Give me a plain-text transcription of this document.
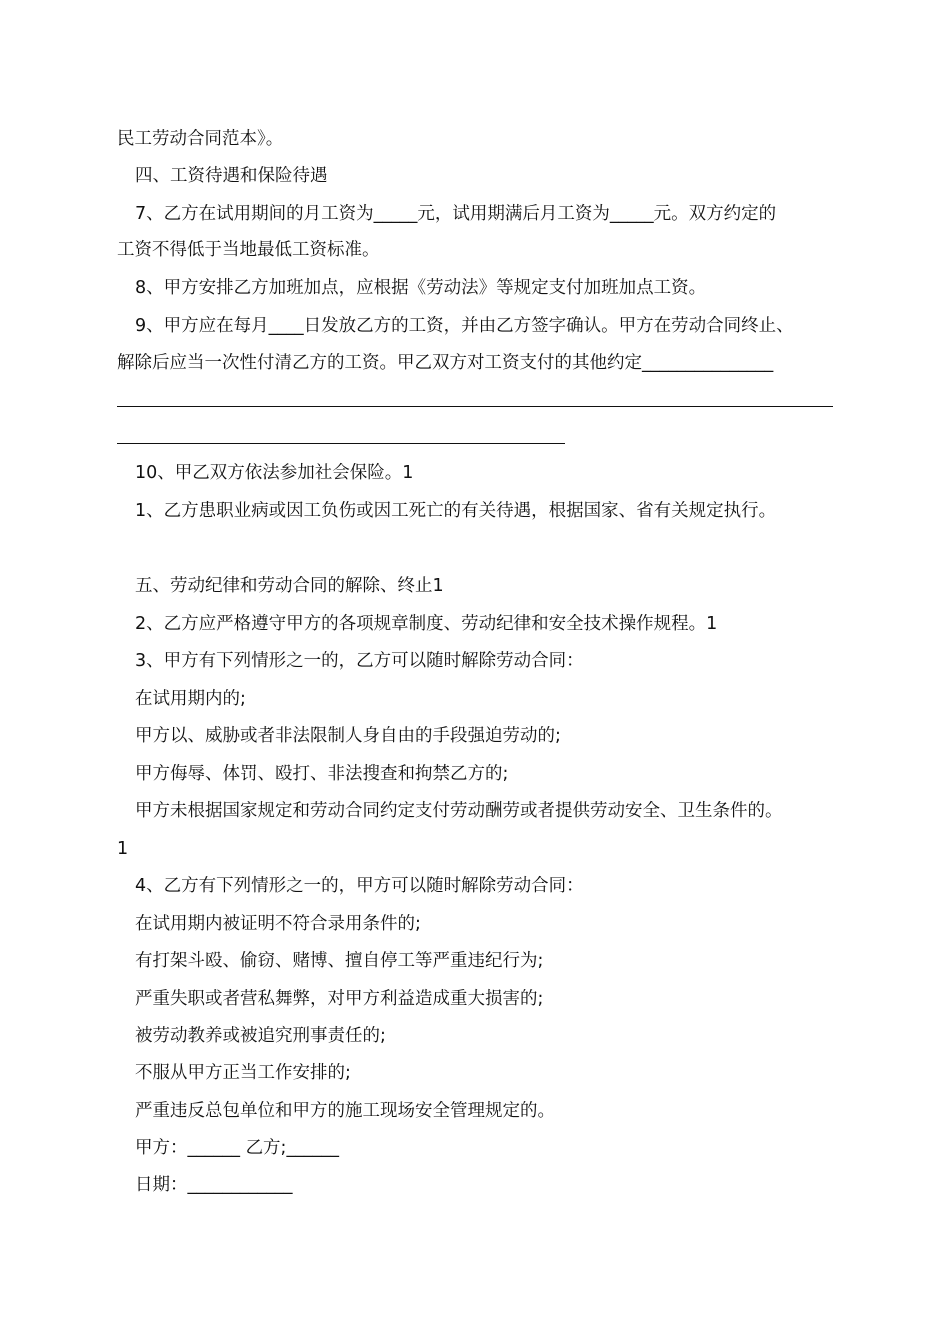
民工劳动合同范本》。
四、工资待遇和保险待遇
7、乙方在试用期间的月工资为_____元，试用期满后月工资为_____元。双方约定的
工资不得低于当地最低工资标准。
8、甲方安排乙方加班加点，应根据《劳动法》等规定支付加班加点工资。
9、甲方应在每月____日发放乙方的工资，并由乙方签字确认。甲方在劳动合同终止、
解除后应当一次性付清乙方的工资。甲乙双方对工资支付的其他约定_______________
10、甲乙双方依法参加社会保险。1
1、乙方患职业病或因工负伤或因工死亡的有关待遇，根据国家、省有关规定执行。
五、劳动纪律和劳动合同的解除、终止1
2、乙方应严格遵守甲方的各项规章制度、劳动纪律和安全技术操作规程。1
3、甲方有下列情形之一的，乙方可以随时解除劳动合同：
在试用期内的;
甲方以、威胁或者非法限制人身自由的手段强迫劳动的;
甲方侮辱、体罚、殴打、非法搜查和拘禁乙方的;
甲方未根据国家规定和劳动合同约定支付劳动酬劳或者提供劳动安全、卫生条件的。
1
4、乙方有下列情形之一的，甲方可以随时解除劳动合同：
在试用期内被证明不符合录用条件的;
有打架斗殴、偷窃、赌博、擅自停工等严重违纪行为;
严重失职或者营私舞弊，对甲方利益造成重大损害的;
被劳动教养或被追究刑事责任的;
不服从甲方正当工作安排的;
严重违反总包单位和甲方的施工现场安全管理规定的。
甲方：______ 乙方;______
日期：____________
